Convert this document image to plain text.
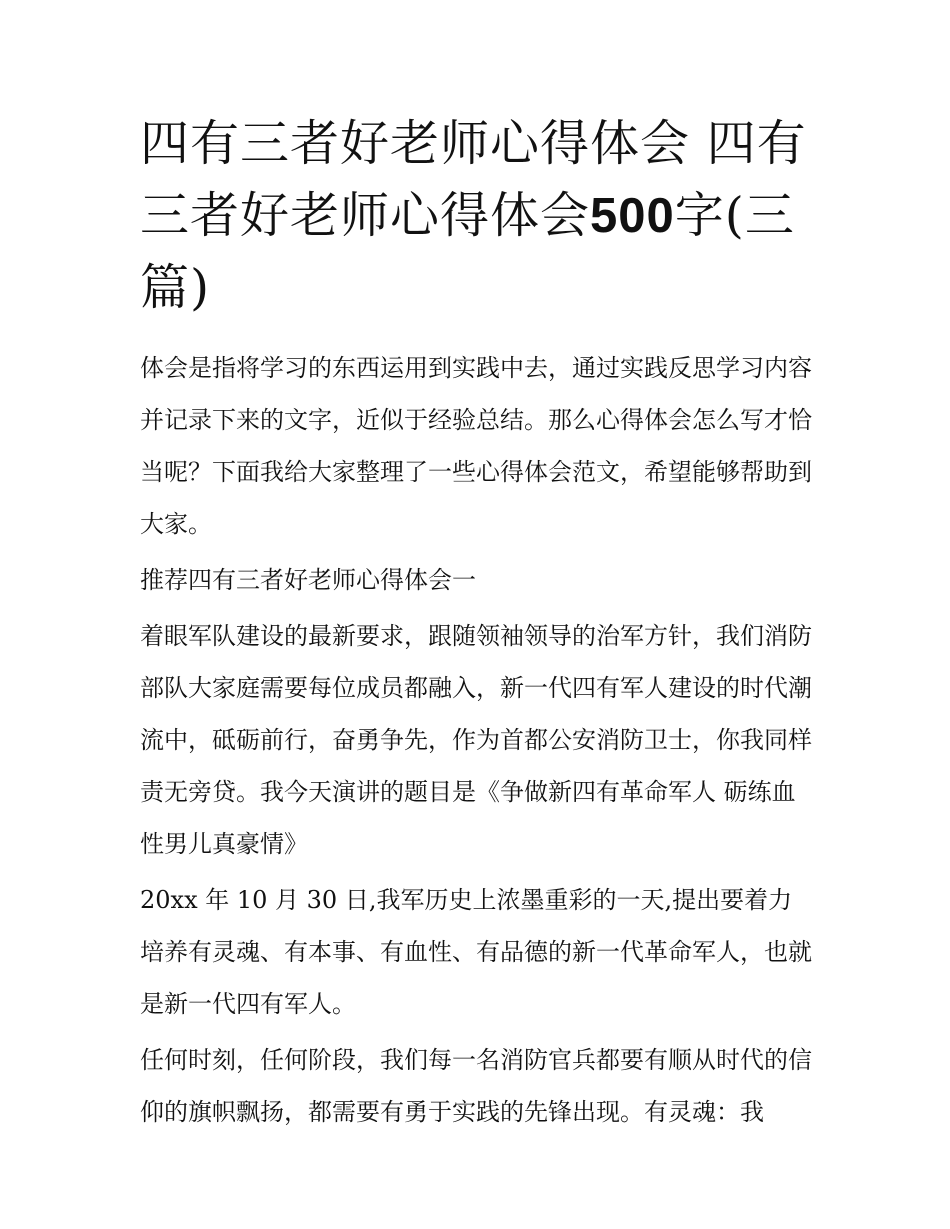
四有三者好老师心得体会 四有
三者好老师心得体会500字(三
篇)

体会是指将学习的东西运用到实践中去，通过实践反思学习内容并记录下来的文字，近似于经验总结。那么心得体会怎么写才恰当呢？下面我给大家整理了一些心得体会范文，希望能够帮助到大家。

推荐四有三者好老师心得体会一

着眼军队建设的最新要求，跟随领袖领导的治军方针，我们消防部队大家庭需要每位成员都融入，新一代四有军人建设的时代潮流中，砥砺前行，奋勇争先，作为首都公安消防卫士，你我同样责无旁贷。我今天演讲的题目是《争做新四有革命军人 砺练血性男儿真豪情》

20xx 年 10 月 30 日,我军历史上浓墨重彩的一天,提出要着力培养有灵魂、有本事、有血性、有品德的新一代革命军人，也就是新一代四有军人。

任何时刻，任何阶段，我们每一名消防官兵都要有顺从时代的信仰的旗帜飘扬，都需要有勇于实践的先锋出现。有灵魂：我
